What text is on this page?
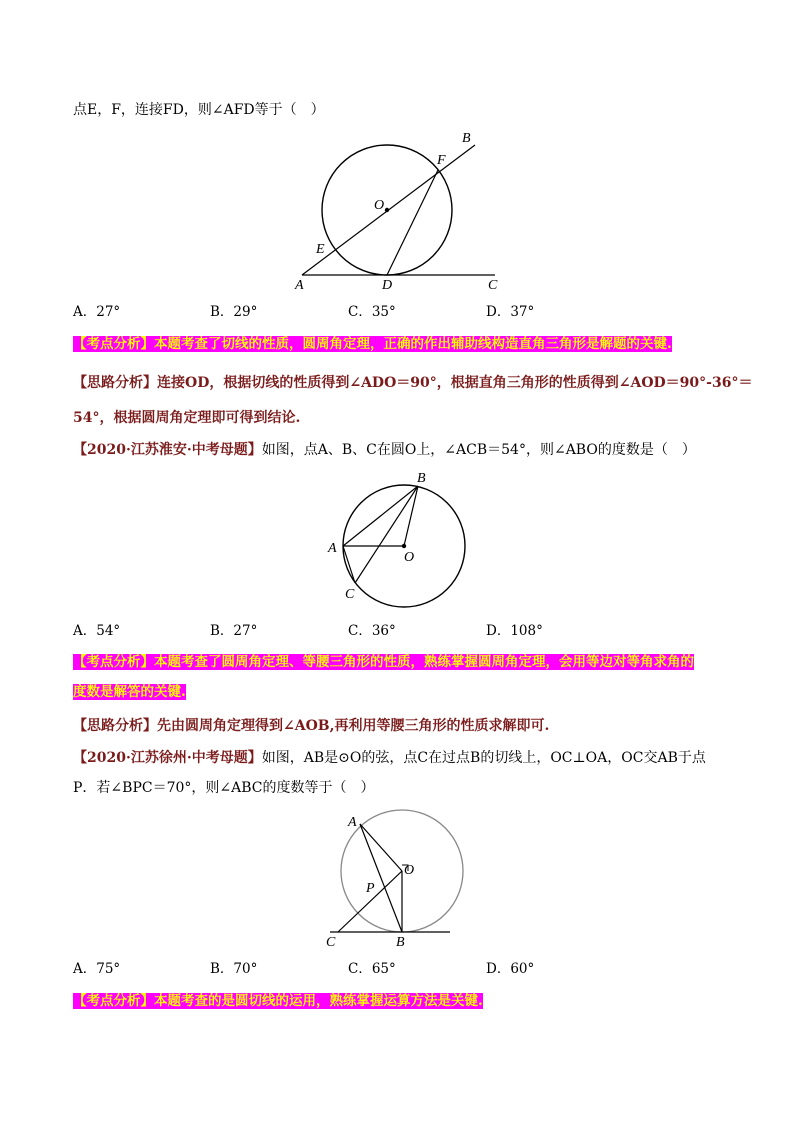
点E，F，连接FD，则∠AFD等于（　）
B
F
O
E
A	D	C
A．27°	B．29°	C．35°	D．37°
【考点分析】本题考查了切线的性质，圆周角定理，正确的作出辅助线构造直角三角形是解题的关键.
【思路分析】连接OD，根据切线的性质得到∠ADO＝90°，根据直角三角形的性质得到∠AOD＝90°-36°＝
54°，根据圆周角定理即可得到结论.
【2020·江苏淮安·中考母题】如图，点A、B、C在圆O上，∠ACB＝54°，则∠ABO的度数是（　）
B
A
O
C
A．54°	B．27°	C．36°	D．108°
【考点分析】本题考查了圆周角定理、等腰三角形的性质，熟练掌握圆周角定理，会用等边对等角求角的
度数是解答的关键.
【思路分析】先由圆周角定理得到∠AOB,再利用等腰三角形的性质求解即可.
【2020·江苏徐州·中考母题】如图，AB是⊙O的弦，点C在过点B的切线上，OC⊥OA，OC交AB于点
P．若∠BPC＝70°，则∠ABC的度数等于（　）
A
O
P
C	B
A．75°	B．70°	C．65°	D．60°
【考点分析】本题考查的是圆切线的运用，熟练掌握运算方法是关键.
